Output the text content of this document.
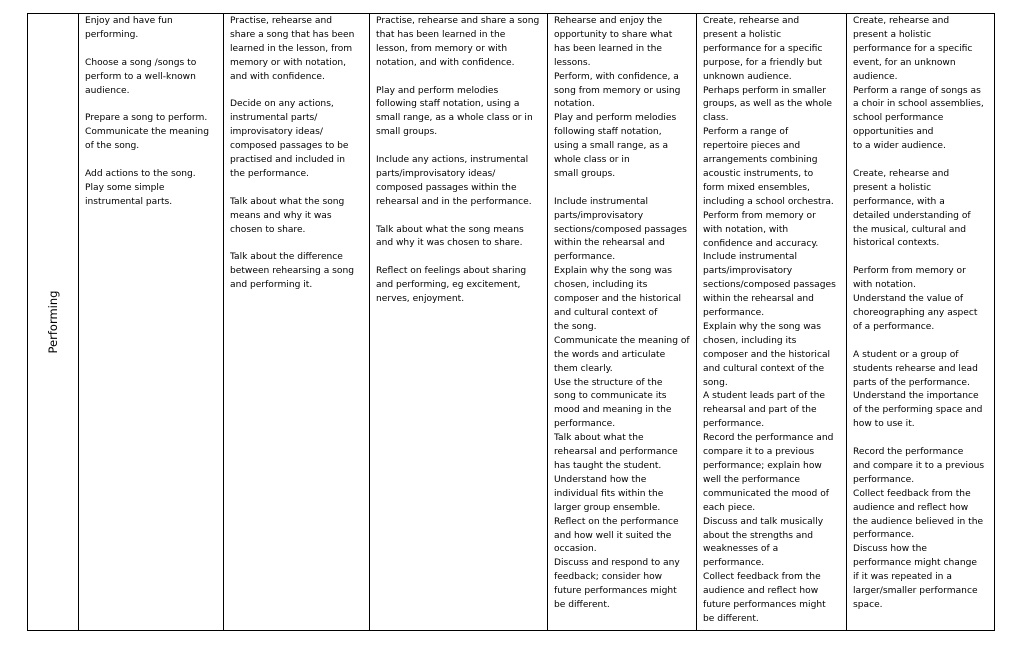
Performing

Enjoy and have fun
performing.

Choose a song /songs to
perform to a well-known
audience.

Prepare a song to perform.
Communicate the meaning
of the song.

Add actions to the song.
Play some simple
instrumental parts.

Practise, rehearse and
share a song that has been
learned in the lesson, from
memory or with notation,
and with confidence.

Decide on any actions,
instrumental parts/
improvisatory ideas/
composed passages to be
practised and included in
the performance.

Talk about what the song
means and why it was
chosen to share.

Talk about the difference
between rehearsing a song
and performing it.

Practise, rehearse and share a song
that has been learned in the
lesson, from memory or with
notation, and with confidence.

Play and perform melodies
following staff notation, using a
small range, as a whole class or in
small groups.

Include any actions, instrumental
parts/improvisatory ideas/
composed passages within the
rehearsal and in the performance.

Talk about what the song means
and why it was chosen to share.

Reflect on feelings about sharing
and performing, eg excitement,
nerves, enjoyment.

Rehearse and enjoy the
opportunity to share what
has been learned in the
lessons.
Perform, with confidence, a
song from memory or using
notation.
Play and perform melodies
following staff notation,
using a small range, as a
whole class or in
small groups.

Include instrumental
parts/improvisatory
sections/composed passages
within the rehearsal and
performance.
Explain why the song was
chosen, including its
composer and the historical
and cultural context of
the song.
Communicate the meaning of
the words and articulate
them clearly.
Use the structure of the
song to communicate its
mood and meaning in the
performance.
Talk about what the
rehearsal and performance
has taught the student.
Understand how the
individual fits within the
larger group ensemble.
Reflect on the performance
and how well it suited the
occasion.
Discuss and respond to any
feedback; consider how
future performances might
be different.

Create, rehearse and
present a holistic
performance for a specific
purpose, for a friendly but
unknown audience.
Perhaps perform in smaller
groups, as well as the whole
class.
Perform a range of
repertoire pieces and
arrangements combining
acoustic instruments, to
form mixed ensembles,
including a school orchestra.
Perform from memory or
with notation, with
confidence and accuracy.
Include instrumental
parts/improvisatory
sections/composed passages
within the rehearsal and
performance.
Explain why the song was
chosen, including its
composer and the historical
and cultural context of the
song.
A student leads part of the
rehearsal and part of the
performance.
Record the performance and
compare it to a previous
performance; explain how
well the performance
communicated the mood of
each piece.
Discuss and talk musically
about the strengths and
weaknesses of a
performance.
Collect feedback from the
audience and reflect how
future performances might
be different.

Create, rehearse and
present a holistic
performance for a specific
event, for an unknown
audience.
Perform a range of songs as
a choir in school assemblies,
school performance
opportunities and
to a wider audience.

Create, rehearse and
present a holistic
performance, with a
detailed understanding of
the musical, cultural and
historical contexts.

Perform from memory or
with notation.
Understand the value of
choreographing any aspect
of a performance.

A student or a group of
students rehearse and lead
parts of the performance.
Understand the importance
of the performing space and
how to use it.

Record the performance
and compare it to a previous
performance.
Collect feedback from the
audience and reflect how
the audience believed in the
performance.
Discuss how the
performance might change
if it was repeated in a
larger/smaller performance
space.
